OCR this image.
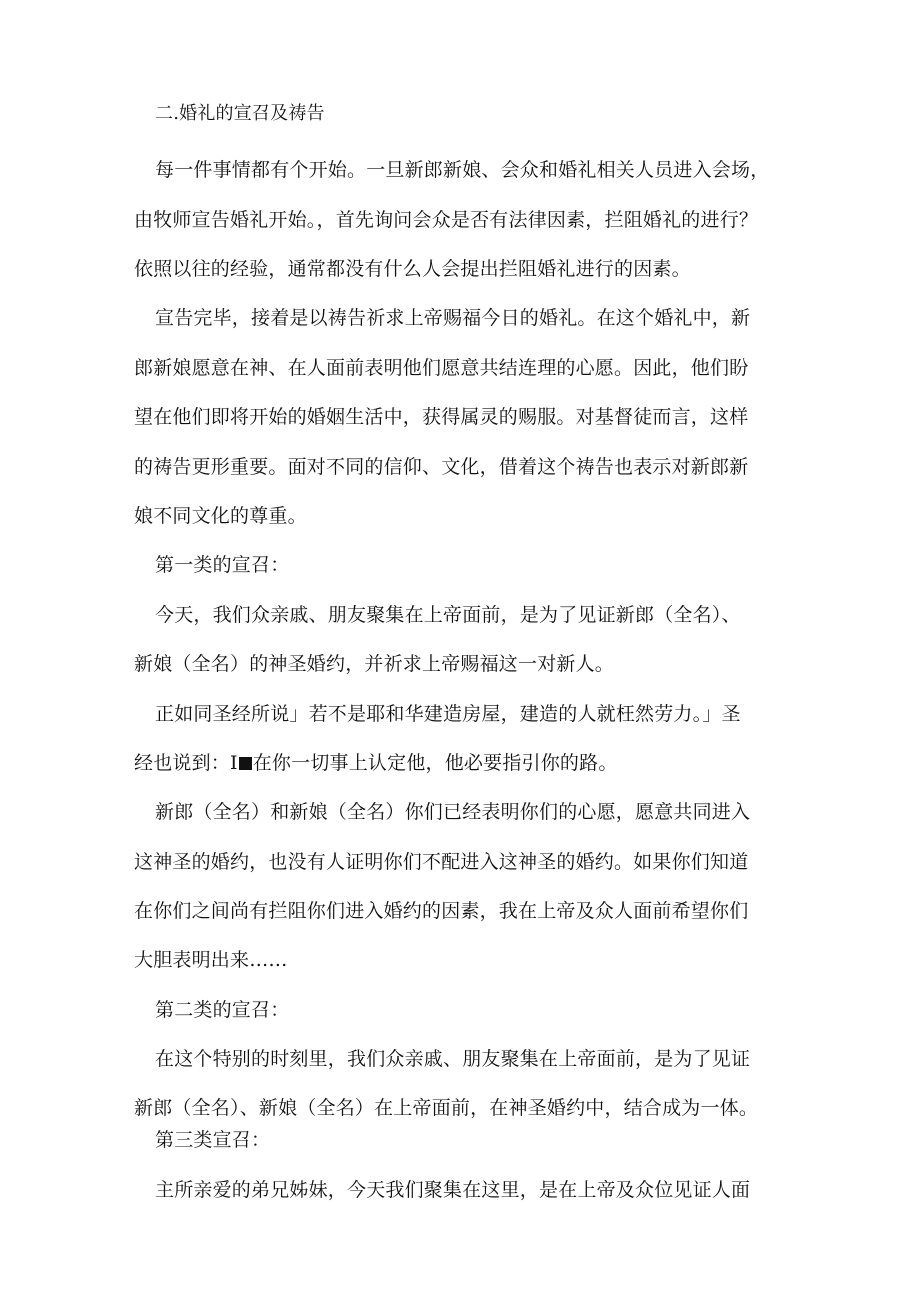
二.婚礼的宣召及祷告
每一件事情都有个开始。一旦新郎新娘、会众和婚礼相关人员进入会场，
由牧师宣告婚礼开始。，首先询问会众是否有法律因素，拦阻婚礼的进行？
依照以往的经验，通常都没有什么人会提出拦阻婚礼进行的因素。
宣告完毕，接着是以祷告祈求上帝赐福今日的婚礼。在这个婚礼中，新
郎新娘愿意在神、在人面前表明他们愿意共结连理的心愿。因此，他们盼
望在他们即将开始的婚姻生活中，获得属灵的赐服。对基督徒而言，这样
的祷告更形重要。面对不同的信仰、文化，借着这个祷告也表示对新郎新
娘不同文化的尊重。
第一类的宣召：
今天，我们众亲戚、朋友聚集在上帝面前，是为了见证新郎（全名）、
新娘（全名）的神圣婚约，并祈求上帝赐福这一对新人。
正如同圣经所说」若不是耶和华建造房屋，建造的人就枉然劳力。」圣
经也说到：I 在你一切事上认定他，他必要指引你的路。
新郎（全名）和新娘（全名）你们已经表明你们的心愿，愿意共同进入
这神圣的婚约，也没有人证明你们不配进入这神圣的婚约。如果你们知道
在你们之间尚有拦阻你们进入婚约的因素，我在上帝及众人面前希望你们
大胆表明出来……
第二类的宣召：
在这个特别的时刻里，我们众亲戚、朋友聚集在上帝面前，是为了见证
新郎（全名）、新娘（全名）在上帝面前，在神圣婚约中，结合成为一体。
第三类宣召：
主所亲爱的弟兄姊妹，今天我们聚集在这里，是在上帝及众位见证人面
